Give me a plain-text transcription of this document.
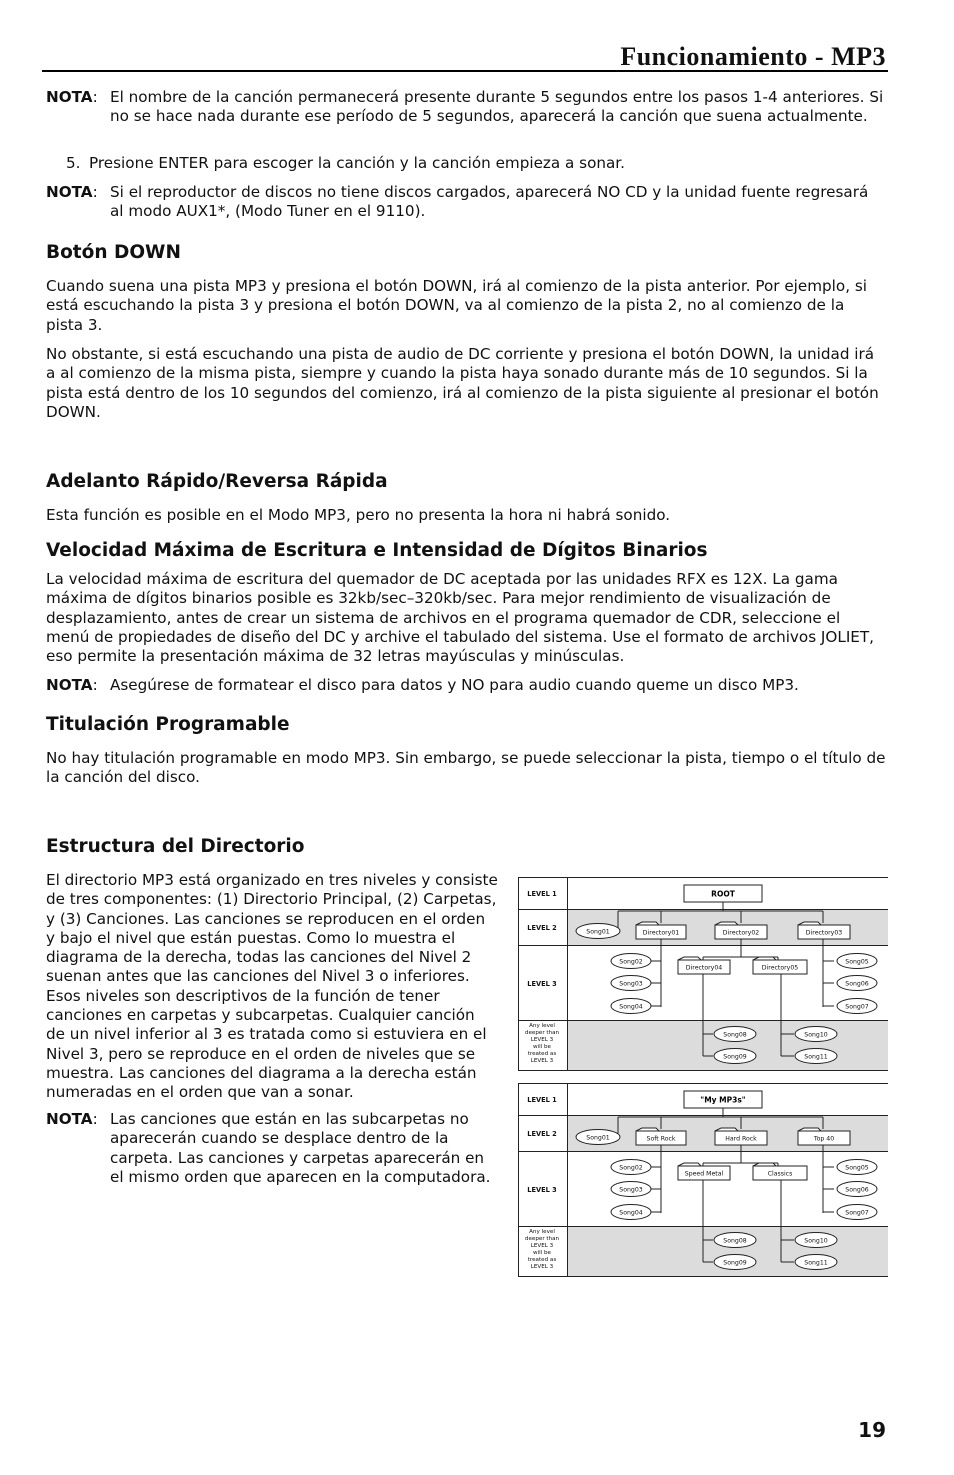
Funcionamiento - MP3
NOTA: El nombre de la canción permanecerá presente durante 5 segundos entre los pasos 1-4 anteriores. Si no se hace nada durante ese período de 5 segundos, aparecerá la canción que suena actualmente.
5. Presione ENTER para escoger la canción y la canción empieza a sonar.
NOTA: Si el reproductor de discos no tiene discos cargados, aparecerá NO CD y la unidad fuente regresará al modo AUX1*, (Modo Tuner en el 9110).
Botón DOWN
Cuando suena una pista MP3 y presiona el botón DOWN, irá al comienzo de la pista anterior. Por ejemplo, si está escuchando la pista 3 y presiona el botón DOWN, va al comienzo de la pista 2, no al comienzo de la pista 3.
No obstante, si está escuchando una pista de audio de DC corriente y presiona el botón DOWN, la unidad irá a al comienzo de la misma pista, siempre y cuando la pista haya sonado durante más de 10 segundos. Si la pista está dentro de los 10 segundos del comienzo, irá al comienzo de la pista siguiente al presionar el botón DOWN.
Adelanto Rápido/Reversa Rápida
Esta función es posible en el Modo MP3, pero no presenta la hora ni habrá sonido.
Velocidad Máxima de Escritura e Intensidad de Dígitos Binarios
La velocidad máxima de escritura del quemador de DC aceptada por las unidades RFX es 12X. La gama máxima de dígitos binarios posible es 32kb/sec–320kb/sec. Para mejor rendimiento de visualización de desplazamiento, antes de crear un sistema de archivos en el programa quemador de CDR, seleccione el menú de propiedades de diseño del DC y archive el tabulado del sistema. Use el formato de archivos JOLIET, eso permite la presentación máxima de 32 letras mayúsculas y minúsculas.
NOTA: Asegúrese de formatear el disco para datos y NO para audio cuando queme un disco MP3.
Titulación Programable
No hay titulación programable en modo MP3. Sin embargo, se puede seleccionar la pista, tiempo o el título de la canción del disco.
Estructura del Directorio
El directorio MP3 está organizado en tres niveles y consiste de tres componentes: (1) Directorio Principal, (2) Carpetas, y (3) Canciones. Las canciones se reproducen en el orden y bajo el nivel que están puestas. Como lo muestra el diagrama de la derecha, todas las canciones del Nivel 2 suenan antes que las canciones del Nivel 3 o inferiores. Esos niveles son descriptivos de la función de tener canciones en carpetas y subcarpetas. Cualquier canción de un nivel inferior al 3 es tratada como si estuviera en el Nivel 3, pero se reproduce en el orden de niveles que se muestra. Las canciones del diagrama a la derecha están numeradas en el orden que van a sonar.
NOTA: Las canciones que están en las subcarpetas no aparecerán cuando se desplace dentro de la carpeta. Las canciones y carpetas aparecerán en el mismo orden que aparecen en la computadora.
LEVEL 1
LEVEL 2
LEVEL 3
Any level
deeper than
LEVEL 3
will be
treated as
LEVEL 3
ROOT
Directory01	Directory02	Directory03
Directory04	Directory05
Song01
Song02
Song03
Song04
Song05
Song06
Song07
Song08
Song09
Song10
Song11
LEVEL 1
LEVEL 2
LEVEL 3
Any level
deeper than
LEVEL 3
will be
treated as
LEVEL 3
"My MP3s"
Soft Rock	Hard Rock	Top 40
Speed Metal	Classics
Song01
Song02
Song03
Song04
Song05
Song06
Song07
Song08
Song09
Song10
Song11
19
